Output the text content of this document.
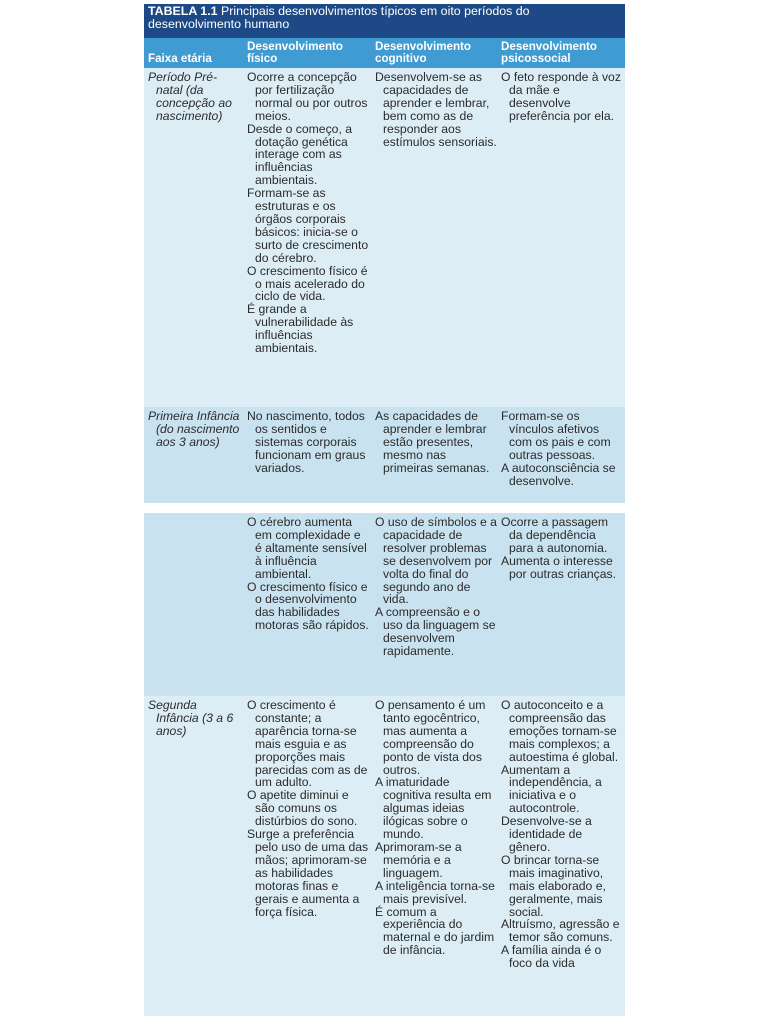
TABELA 1.1 Principais desenvolvimentos típicos em oito períodos do desenvolvimento humano
Faixa etária
Desenvolvimento físico
Desenvolvimento cognitivo
Desenvolvimento psicossocial

Período Pré-natal (da concepção ao nascimento)

Ocorre a concepção por fertilização normal ou por outros meios.

Desde o começo, a dotação genética interage com as influências ambientais.

Formam-se as estruturas e os órgãos corporais básicos: inicia-se o surto de crescimento do cérebro.

O crescimento físico é o mais acelerado do ciclo de vida.

É grande a vulnerabilidade às influências ambientais.

Desenvolvem-se as capacidades de aprender e lembrar, bem como as de responder aos estímulos sensoriais.

O feto responde à voz da mãe e desenvolve preferência por ela.

Primeira Infância (do nascimento aos 3 anos)

No nascimento, todos os sentidos e sistemas corporais funcionam em graus variados.

As capacidades de aprender e lembrar estão presentes, mesmo nas primeiras semanas.

Formam-se os vínculos afetivos com os pais e com outras pessoas.

A autoconsciência se desenvolve.

O cérebro aumenta em complexidade e é altamente sensível à influência ambiental.

O crescimento físico e o desenvolvimento das habilidades motoras são rápidos.

O uso de símbolos e a capacidade de resolver problemas se desenvolvem por volta do final do segundo ano de vida.

A compreensão e o uso da linguagem se desenvolvem rapidamente.

Ocorre a passagem da dependência para a autonomia.

Aumenta o interesse por outras crianças.

Segunda Infância (3 a 6 anos)

O crescimento é constante; a aparência torna-se mais esguia e as proporções mais parecidas com as de um adulto.

O apetite diminui e são comuns os distúrbios do sono.

Surge a preferência pelo uso de uma das mãos; aprimoram-se as habilidades motoras finas e gerais e aumenta a força física.

O pensamento é um tanto egocêntrico, mas aumenta a compreensão do ponto de vista dos outros.

A imaturidade cognitiva resulta em algumas ideias ilógicas sobre o mundo.

Aprimoram-se a memória e a linguagem.

A inteligência torna-se mais previsível.

É comum a experiência do maternal e do jardim de infância.

O autoconceito e a compreensão das emoções tornam-se mais complexos; a autoestima é global.

Aumentam a independência, a iniciativa e o autocontrole.

Desenvolve-se a identidade de gênero.

O brincar torna-se mais imaginativo, mais elaborado e, geralmente, mais social.

Altruísmo, agressão e temor são comuns.

A família ainda é o foco da vida
